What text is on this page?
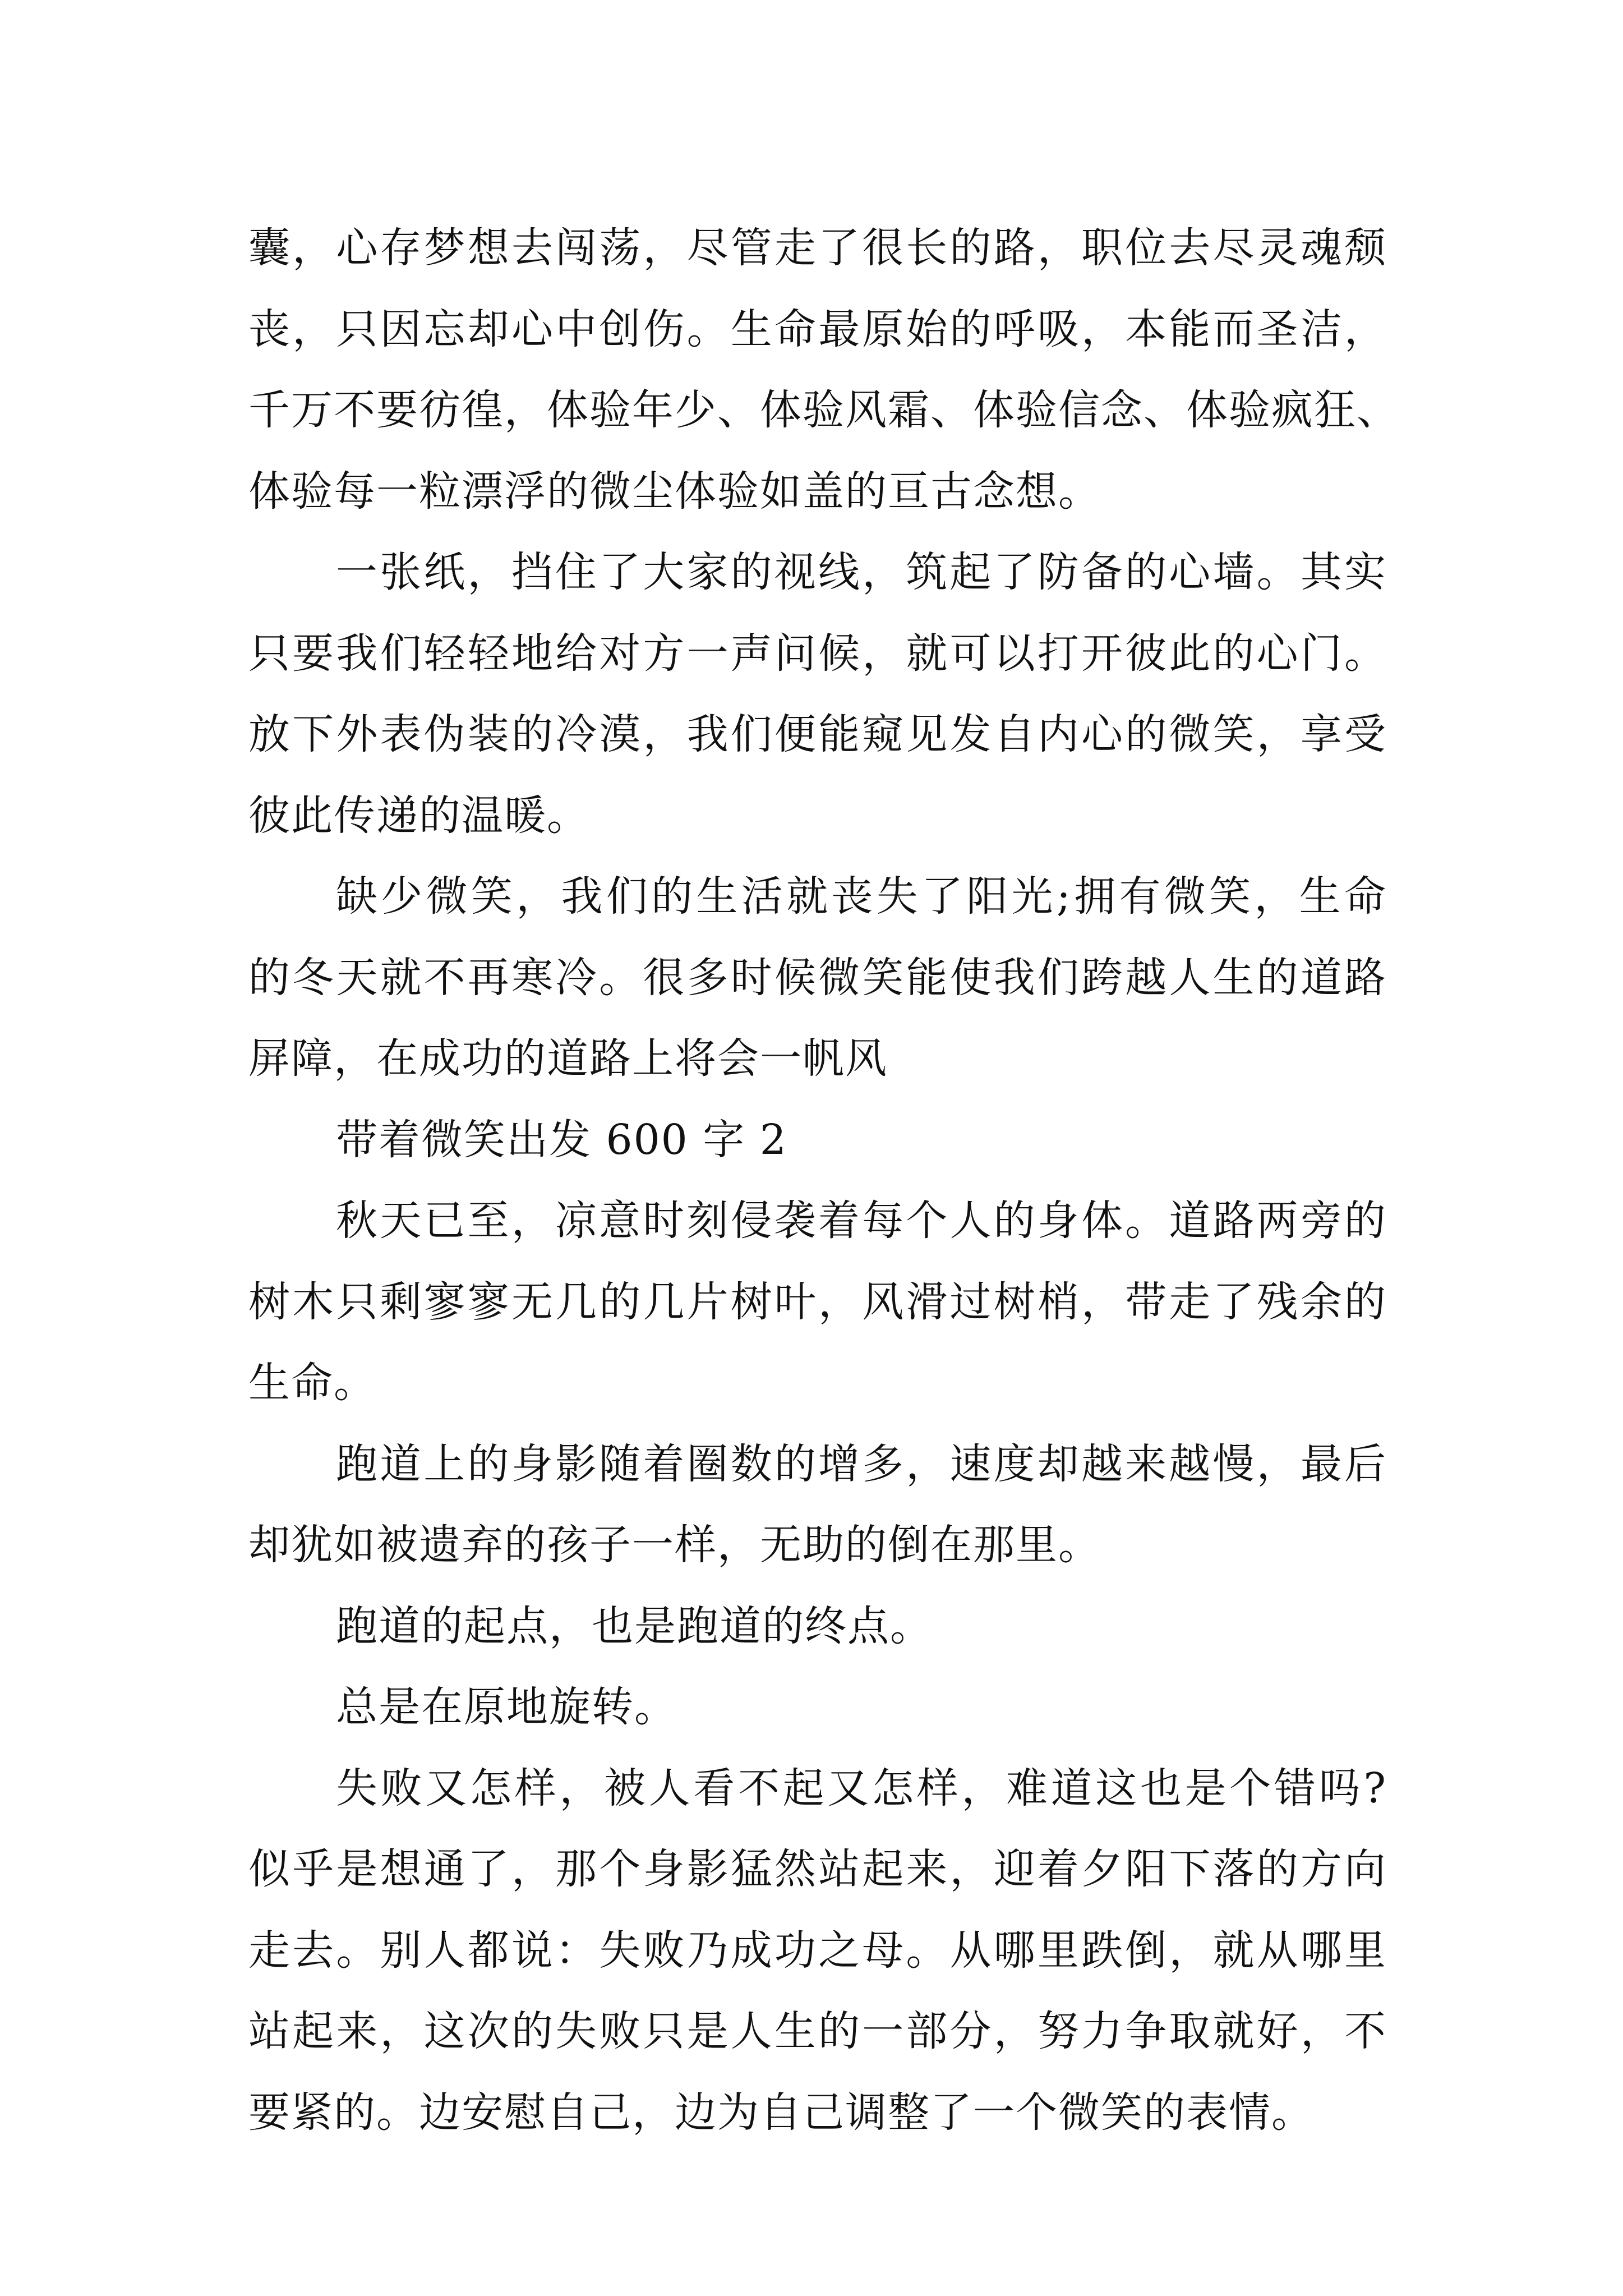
囊，心存梦想去闯荡，尽管走了很长的路，职位去尽灵魂颓
丧，只因忘却心中创伤。生命最原始的呼吸，本能而圣洁，
千万不要彷徨，体验年少、体验风霜、体验信念、体验疯狂、
体验每一粒漂浮的微尘体验如盖的亘古念想。
一张纸，挡住了大家的视线，筑起了防备的心墙。其实
只要我们轻轻地给对方一声问候，就可以打开彼此的心门。
放下外表伪装的冷漠，我们便能窥见发自内心的微笑，享受
彼此传递的温暖。
缺少微笑，我们的生活就丧失了阳光;拥有微笑，生命
的冬天就不再寒冷。很多时候微笑能使我们跨越人生的道路
屏障，在成功的道路上将会一帆风
带着微笑出发 600 字 2
秋天已至，凉意时刻侵袭着每个人的身体。道路两旁的
树木只剩寥寥无几的几片树叶，风滑过树梢，带走了残余的
生命。
跑道上的身影随着圈数的增多，速度却越来越慢，最后
却犹如被遗弃的孩子一样，无助的倒在那里。
跑道的起点，也是跑道的终点。
总是在原地旋转。
失败又怎样，被人看不起又怎样，难道这也是个错吗?
似乎是想通了，那个身影猛然站起来，迎着夕阳下落的方向
走去。别人都说：失败乃成功之母。从哪里跌倒，就从哪里
站起来，这次的失败只是人生的一部分，努力争取就好，不
要紧的。边安慰自己，边为自己调整了一个微笑的表情。
